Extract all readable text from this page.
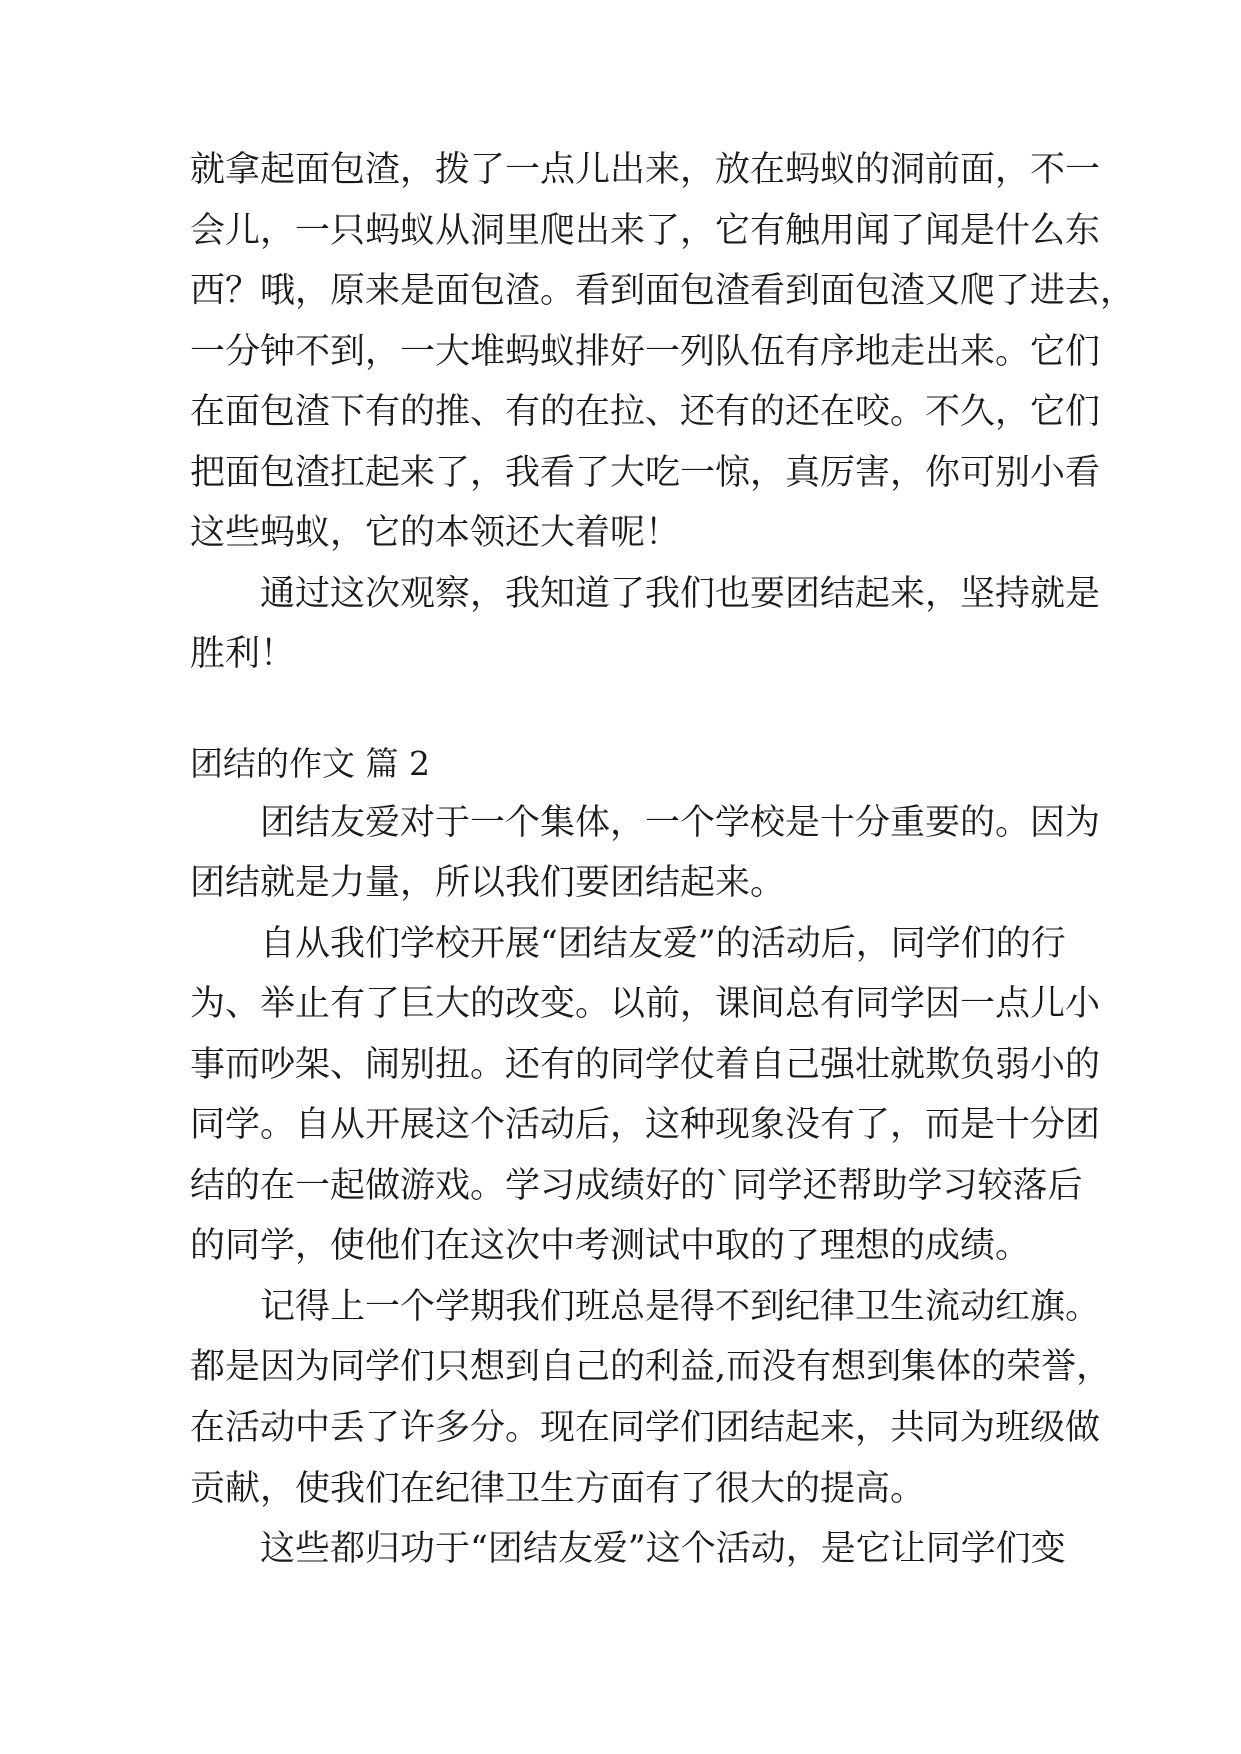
就拿起面包渣，拨了一点儿出来，放在蚂蚁的洞前面，不一
会儿，一只蚂蚁从洞里爬出来了，它有触用闻了闻是什么东
西？哦，原来是面包渣。看到面包渣看到面包渣又爬了进去，
一分钟不到，一大堆蚂蚁排好一列队伍有序地走出来。它们
在面包渣下有的推、有的在拉、还有的还在咬。不久，它们
把面包渣扛起来了，我看了大吃一惊，真厉害，你可别小看
这些蚂蚁，它的本领还大着呢！
　　通过这次观察，我知道了我们也要团结起来，坚持就是
胜利！
团结的作文 篇 2
　　团结友爱对于一个集体，一个学校是十分重要的。因为
团结就是力量，所以我们要团结起来。
　　自从我们学校开展“团结友爱”的活动后，同学们的行
为、举止有了巨大的改变。以前，课间总有同学因一点儿小
事而吵架、闹别扭。还有的同学仗着自己强壮就欺负弱小的
同学。自从开展这个活动后，这种现象没有了，而是十分团
结的在一起做游戏。学习成绩好的`同学还帮助学习较落后
的同学，使他们在这次中考测试中取的了理想的成绩。
　　记得上一个学期我们班总是得不到纪律卫生流动红旗。
都是因为同学们只想到自己的利益,而没有想到集体的荣誉，
在活动中丢了许多分。现在同学们团结起来，共同为班级做
贡献，使我们在纪律卫生方面有了很大的提高。
　　这些都归功于“团结友爱”这个活动，是它让同学们变
